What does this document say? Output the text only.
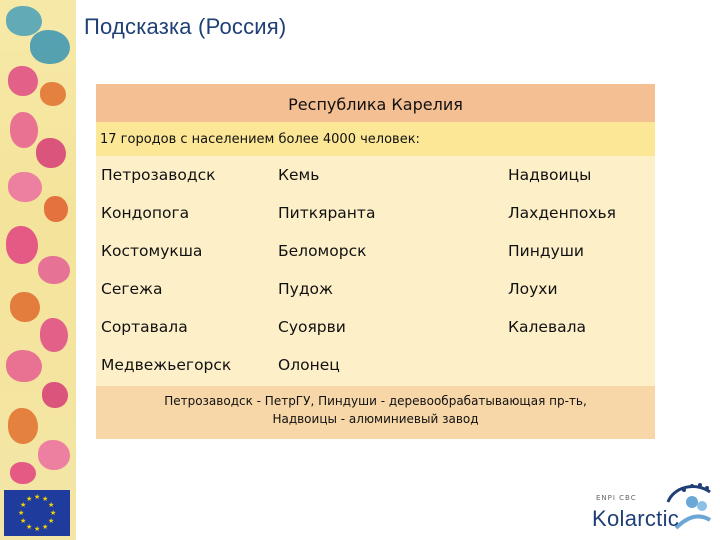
★ ★
★
★
★
★
★
★
★
★
★
★
Подсказка (Россия)
Республика Карелия
17 городов с населением более 4000 человек:
Петрозаводск	Кемь	Надвоицы
Кондопога	Питкяранта	Лахденпохья
Костомукша	Беломорск	Пиндуши
Сегежа	Пудож	Лоухи
Сортавала	Суоярви	Калевала
Медвежьегорск	Олонец
Петрозаводск - ПетрГУ, Пиндуши - деревообрабатывающая пр-ть,
Надвоицы - алюминиевый завод
ENPI CBC
Kolarctic
